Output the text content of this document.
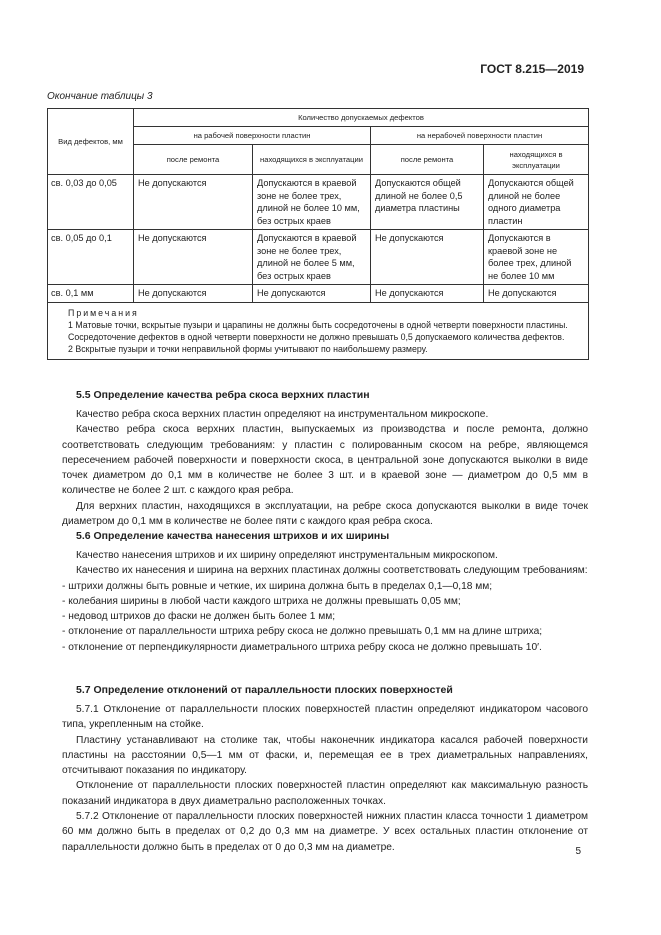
ГОСТ 8.215—2019
Окончание таблицы 3
Вид дефектов, мм	Количество допускаемых дефектов			
	на рабочей поверхности пластин		на нерабочей поверхности пластин	
	после ремонта	находящихся в эксплуатации	после ремонта	находящихся в эксплуатации
св. 0,03 до 0,05	Не допускаются	Допускаются в краевой зоне не более трех, длиной не более 10 мм, без острых краев	Допускаются общей длиной не более 0,5 диаметра пластины	Допускаются общей длиной не более одного диаметра пластин
св. 0,05 до 0,1	Не допускаются	Допускаются в краевой зоне не более трех, длиной не более 5 мм, без острых краев	Не допускаются	Допускаются в краевой зоне не более трех, длиной не более 10 мм
св. 0,1 мм	Не допускаются	Не допускаются	Не допускаются	Не допускаются

Примечания
1 Матовые точки, вскрытые пузыри и царапины не должны быть сосредоточены в одной четверти поверхности пластины. Сосредоточение дефектов в одной четверти поверхности не должно превышать 0,5 допускаемого количества дефектов.
2 Вскрытые пузыри и точки неправильной формы учитывают по наибольшему размеру.				
5.5 Определение качества ребра скоса верхних пластин

Качество ребра скоса верхних пластин определяют на инструментальном микроскопе.

Качество ребра скоса верхних пластин, выпускаемых из производства и после ремонта, должно соответствовать следующим требованиям: у пластин с полированным скосом на ребре, являющемся пересечением рабочей поверхности и поверхности скоса, в центральной зоне допускаются выколки в виде точек диаметром до 0,1 мм в количестве не более 3 шт. и в краевой зоне — диаметром до 0,5 мм в количестве не более 2 шт. с каждого края ребра.

Для верхних пластин, находящихся в эксплуатации, на ребре скоса допускаются выколки в виде точек диаметром до 0,1 мм в количестве не более пяти с каждого края ребра скоса.

5.6 Определение качества нанесения штрихов и их ширины

Качество нанесения штрихов и их ширину определяют инструментальным микроскопом.

Качество их нанесения и ширина на верхних пластинах должны соответствовать следующим требованиям:

- штрихи должны быть ровные и четкие, их ширина должна быть в пределах 0,1—0,18 мм;

- колебания ширины в любой части каждого штриха не должны превышать 0,05 мм;

- недовод штрихов до фаски не должен быть более 1 мм;

- отклонение от параллельности штриха ребру скоса не должно превышать 0,1 мм на длине штриха;

- отклонение от перпендикулярности диаметрального штриха ребру скоса не должно превышать 10′.

5.7 Определение отклонений от параллельности плоских поверхностей

5.7.1 Отклонение от параллельности плоских поверхностей пластин определяют индикатором часового типа, укрепленным на стойке.

Пластину устанавливают на столике так, чтобы наконечник индикатора касался рабочей поверхности пластины на расстоянии 0,5—1 мм от фаски, и, перемещая ее в трех диаметральных направлениях, отсчитывают показания по индикатору.

Отклонение от параллельности плоских поверхностей пластин определяют как максимальную разность показаний индикатора в двух диаметрально расположенных точках.

5.7.2 Отклонение от параллельности плоских поверхностей нижних пластин класса точности 1 диаметром 60 мм должно быть в пределах от 0,2 до 0,3 мм на диаметре. У всех остальных пластин отклонение от параллельности должно быть в пределах от 0 до 0,3 мм на диаметре.	5
